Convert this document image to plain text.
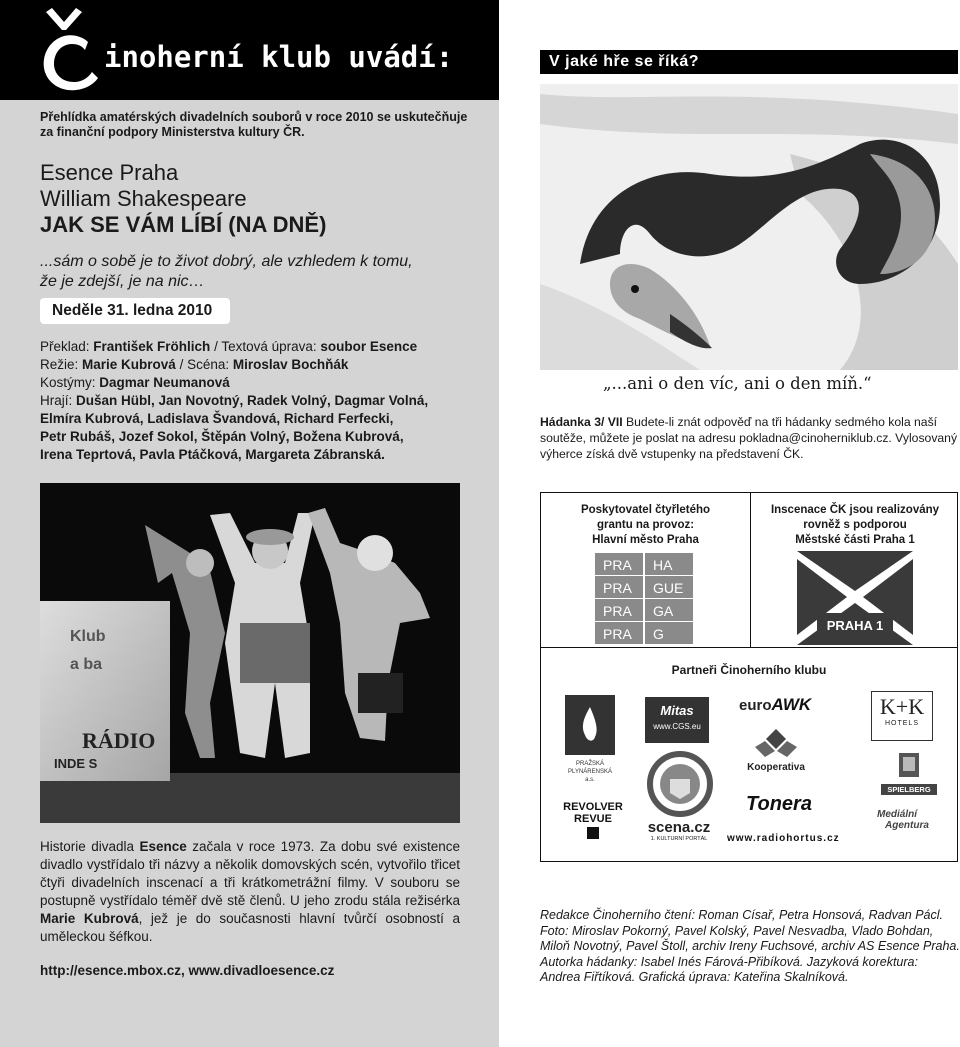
inoherní klub uvádí:
Přehlídka amatérských divadelních souborů v roce 2010 se uskutečňuje za finanční podpory Ministerstva kultury ČR.
Esence Praha
William Shakespeare
JAK SE VÁM LÍBÍ (NA DNĚ)
...sám o sobě je to život dobrý, ale vzhledem k tomu,
že je zdejší, je na nic…
Neděle 31. ledna 2010
Překlad: František Fröhlich / Textová úprava: soubor Esence
Režie: Marie Kubrová / Scéna: Miroslav Bochňák
Kostýmy: Dagmar Neumanová
Hrají: Dušan Hübl, Jan Novotný, Radek Volný, Dagmar Volná,
Elmíra Kubrová, Ladislava Švandová, Richard Ferfecki,
Petr Rubáš, Jozef Sokol, Štěpán Volný, Božena Kubrová,
Irena Teprtová, Pavla Ptáčková, Margareta Zábranská.
Klub
a ba
RÁDIO
INDE S
Historie divadla Esence začala v roce 1973. Za dobu své existence divadlo vystřídalo tři názvy a několik domovských scén, vytvořilo třicet čtyři divadelních inscenací a tři krátkometrážní filmy. V souboru se postupně vystřídalo téměř dvě stě členů. U jeho zrodu stála režisérka Marie Kubrová, jež je do současnosti hlavní tvůrčí osobností a uměleckou šéfkou.
http://esence.mbox.cz, www.divadloesence.cz
V jaké hře se říká?
„...ani o den víc, ani o den míň.“
Hádanka 3/ VII Budete-li znát odpověď na tři hádanky sedmého kola naší soutěže, můžete je poslat na adresu pokladna@cinoherniklub.cz. Vylosovaný výherce získá dvě vstupenky na představení ČK.
Poskytovatel čtyřletého
grantu na provoz:
Hlavní město Praha
Inscenace ČK jsou realizovány
rovněž s podporou
Městské části Praha 1
PRA HA
PRA GUE
PRA GA
PRA G
PRAHA 1
Partneři Činoherního klubu
PRAŽSKÁ
PLYNÁRENSKÁ
a.s.
Mitas
www.CGS.eu
euroAWK	K+K
HOTELS
Kooperativa
SPIELBERG
Tonera	Mediální
Agentura
REVOLVER
REVUE	scena.cz
1. KULTURNÍ PORTÁL	www.radiohortus.cz
Redakce Činoherního čtení: Roman Císař, Petra Honsová, Radvan Pácl. Foto: Miroslav Pokorný, Pavel Kolský, Pavel Nesvadba, Vlado Bohdan, Miloň Novotný, Pavel Štoll, archiv Ireny Fuchsové, archiv AS Esence Praha. Autorka hádanky: Isabel Inés Fárová-Přibíková. Jazyková korektura: Andrea Fiřtíková. Grafická úprava: Kateřina Skalníková.
